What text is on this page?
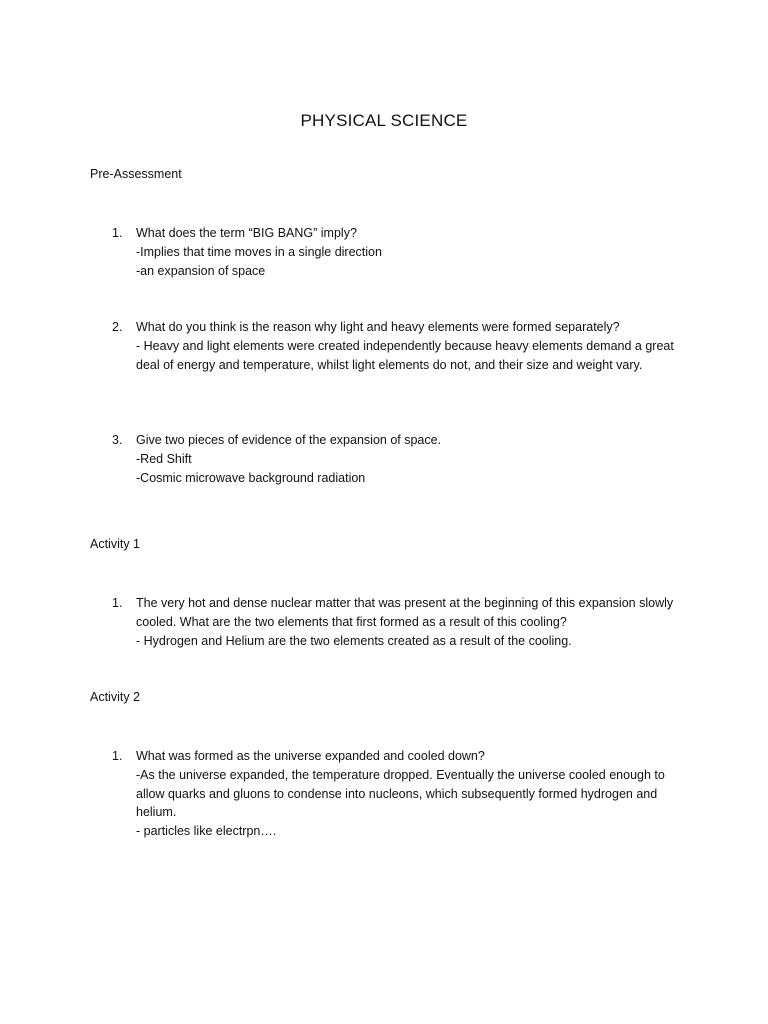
PHYSICAL SCIENCE
Pre-Assessment
1.	What does the term “BIG BANG” imply?
-Implies that time moves in a single direction
-an expansion of space
2.	What do you think is the reason why light and heavy elements were formed separately?
- Heavy and light elements were created independently because heavy elements demand a great deal of energy and temperature, whilst light elements do not, and their size and weight vary.
3.	Give two pieces of evidence of the expansion of space.
-Red Shift
-Cosmic microwave background radiation
Activity 1
1.	The very hot and dense nuclear matter that was present at the beginning of this expansion slowly cooled. What are the two elements that first formed as a result of this cooling?
- Hydrogen and Helium are the two elements created as a result of the cooling.
Activity 2
1.	What was formed as the universe expanded and cooled down?
-As the universe expanded, the temperature dropped. Eventually the universe cooled enough to allow quarks and gluons to condense into nucleons, which subsequently formed hydrogen and helium.
- particles like electrpn….
